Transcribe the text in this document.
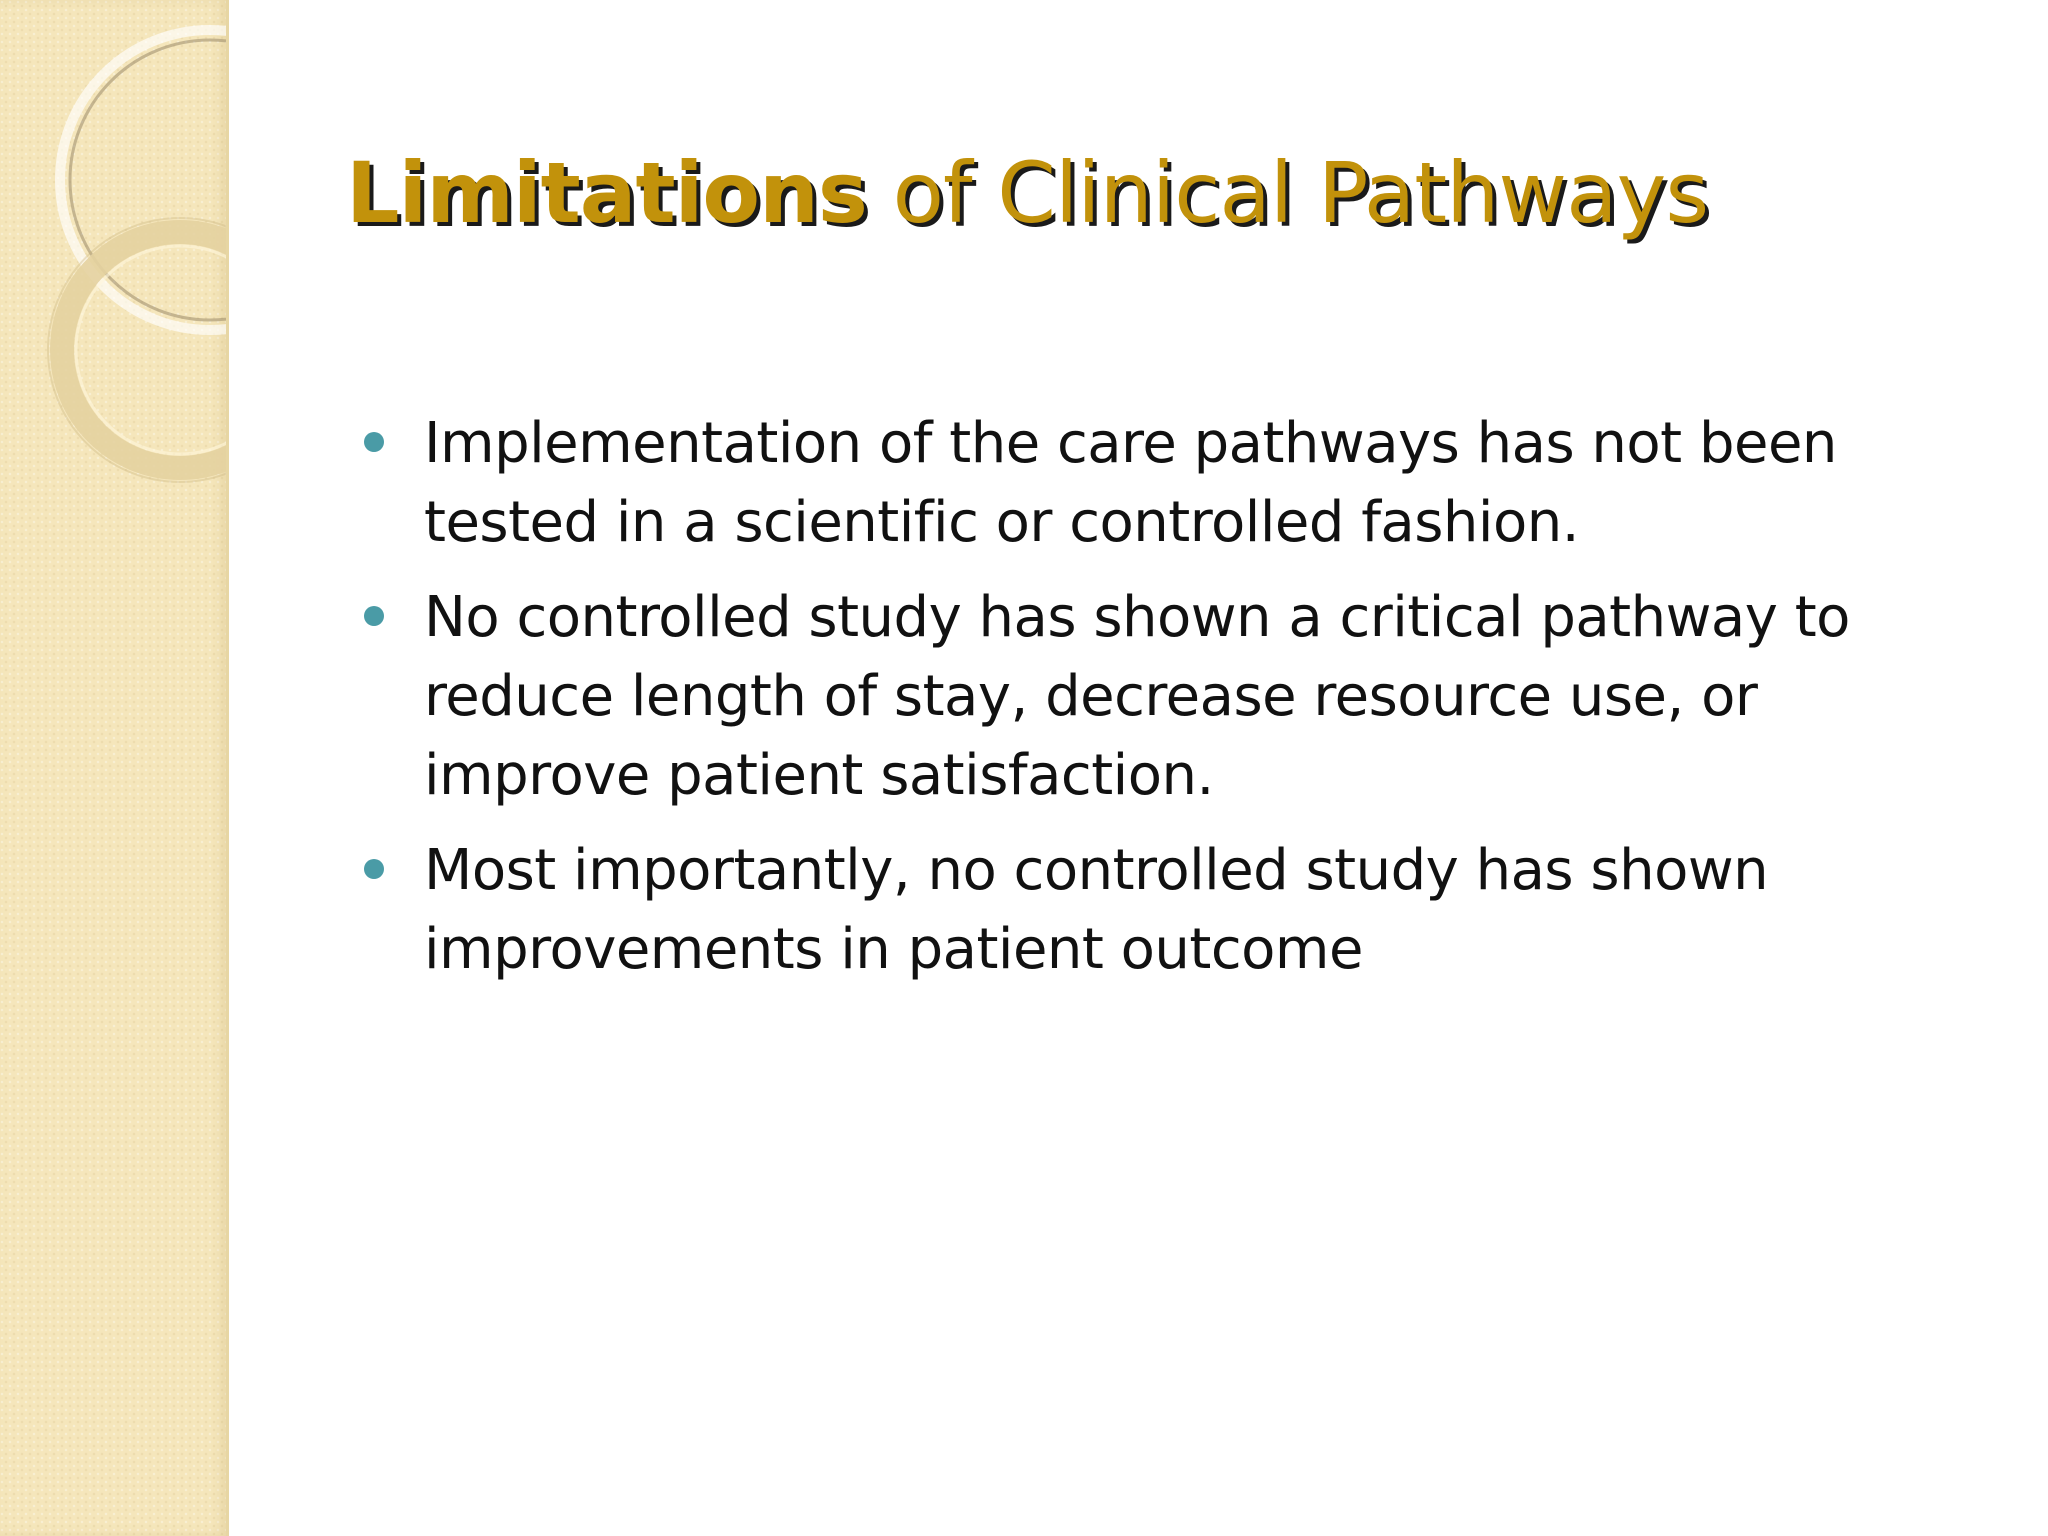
Limitations of Clinical Pathways
Implementation of the care pathways has not been tested in a scientific or controlled fashion.
No controlled study has shown a critical pathway to reduce length of stay, decrease resource use, or improve patient satisfaction.
Most importantly, no controlled study has shown improvements in patient outcome
